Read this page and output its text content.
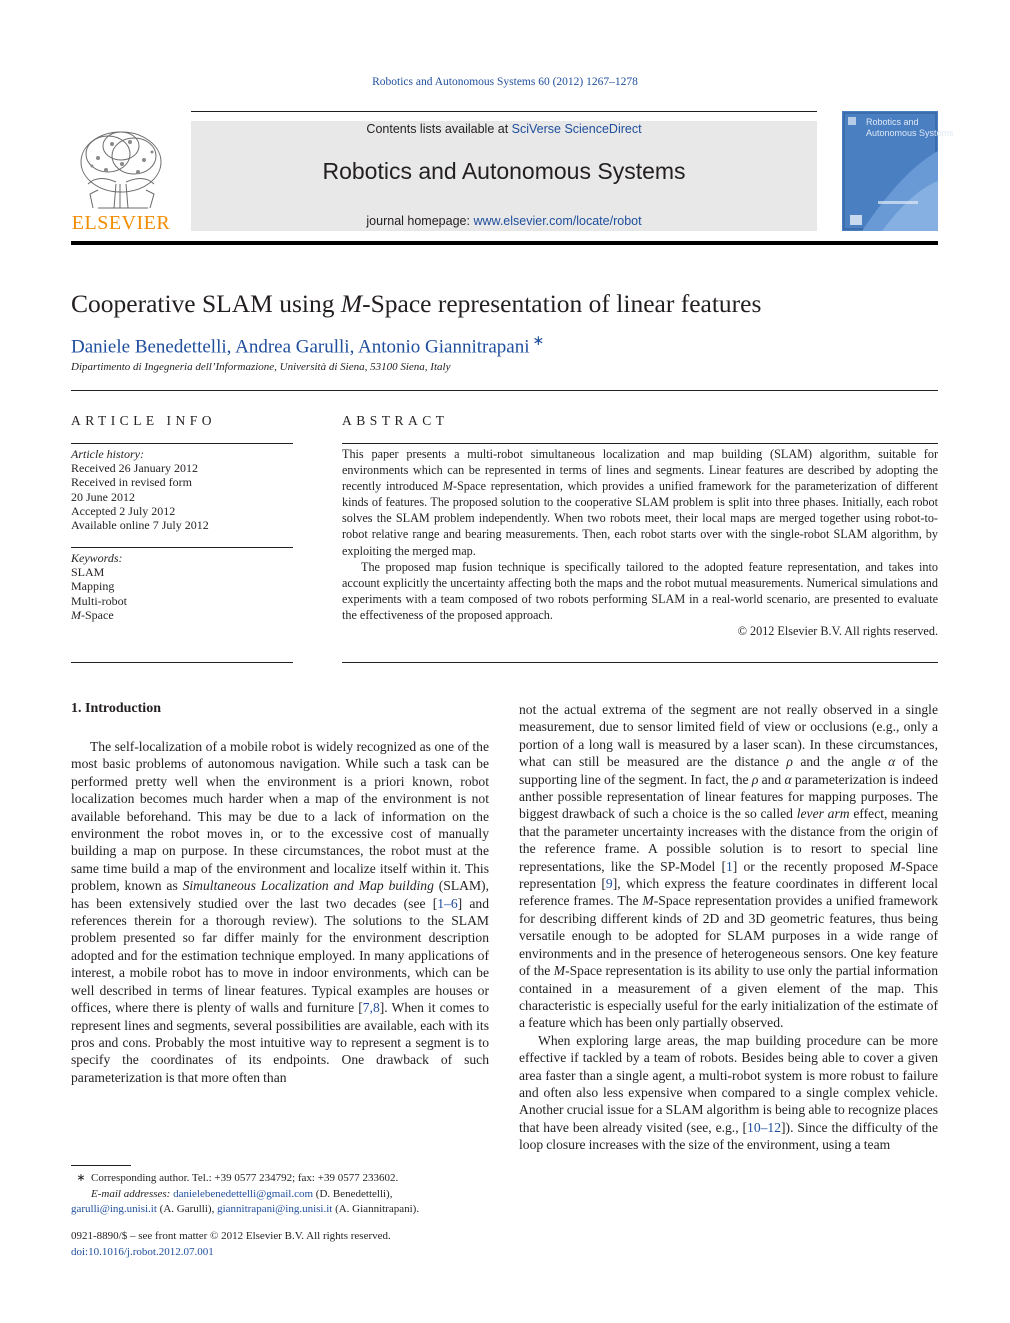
Robotics and Autonomous Systems 60 (2012) 1267–1278
ELSEVIER
Contents lists available at SciVerse ScienceDirect
Robotics and Autonomous Systems
journal homepage: www.elsevier.com/locate/robot
Robotics and
Autonomous Systems
Cooperative SLAM using M-Space representation of linear features
Daniele Benedettelli, Andrea Garulli, Antonio Giannitrapani ∗
Dipartimento di Ingegneria dell’Informazione, Università di Siena, 53100 Siena, Italy
ARTICLE INFO
Article history:
Received 26 January 2012
Received in revised form
20 June 2012
Accepted 2 July 2012
Available online 7 July 2012
Keywords:
SLAM
Mapping
Multi-robot
M-Space
ABSTRACT

This paper presents a multi-robot simultaneous localization and map building (SLAM) algorithm, suitable for environments which can be represented in terms of lines and segments. Linear features are described by adopting the recently introduced M-Space representation, which provides a unified framework for the parameterization of different kinds of features. The proposed solution to the cooperative SLAM problem is split into three phases. Initially, each robot solves the SLAM problem independently. When two robots meet, their local maps are merged together using robot-to-robot relative range and bearing measurements. Then, each robot starts over with the single-robot SLAM algorithm, by exploiting the merged map.

The proposed map fusion technique is specifically tailored to the adopted feature representation, and takes into account explicitly the uncertainty affecting both the maps and the robot mutual measurements. Numerical simulations and experiments with a team composed of two robots performing SLAM in a real-world scenario, are presented to evaluate the effectiveness of the proposed approach.

© 2012 Elsevier B.V. All rights reserved.
1. Introduction

The self-localization of a mobile robot is widely recognized as one of the most basic problems of autonomous navigation. While such a task can be performed pretty well when the environment is a priori known, robot localization becomes much harder when a map of the environment is not available beforehand. This may be due to a lack of information on the environment the robot moves in, or to the excessive cost of manually building a map on purpose. In these circumstances, the robot must at the same time build a map of the environment and localize itself within it. This problem, known as Simultaneous Localization and Map building (SLAM), has been extensively studied over the last two decades (see [1–6] and references therein for a thorough review). The solutions to the SLAM problem presented so far differ mainly for the environment description adopted and for the estimation technique employed. In many applications of interest, a mobile robot has to move in indoor environments, which can be well described in terms of linear features. Typical examples are houses or offices, where there is plenty of walls and furniture [7,8]. When it comes to represent lines and segments, several possibilities are available, each with its pros and cons. Probably the most intuitive way to represent a segment is to specify the coordinates of its endpoints. One drawback of such parameterization is that more often than

not the actual extrema of the segment are not really observed in a single measurement, due to sensor limited field of view or occlusions (e.g., only a portion of a long wall is measured by a laser scan). In these circumstances, what can still be measured are the distance ρ and the angle α of the supporting line of the segment. In fact, the ρ and α parameterization is indeed anther possible representation of linear features for mapping purposes. The biggest drawback of such a choice is the so called lever arm effect, meaning that the parameter uncertainty increases with the distance from the origin of the reference frame. A possible solution is to resort to special line representations, like the SP-Model [1] or the recently proposed M-Space representation [9], which express the feature coordinates in different local reference frames. The M-Space representation provides a unified framework for describing different kinds of 2D and 3D geometric features, thus being versatile enough to be adopted for SLAM purposes in a wide range of environments and in the presence of heterogeneous sensors. One key feature of the M-Space representation is its ability to use only the partial information contained in a measurement of a given element of the map. This characteristic is especially useful for the early initialization of the estimate of a feature which has been only partially observed.

When exploring large areas, the map building procedure can be more effective if tackled by a team of robots. Besides being able to cover a given area faster than a single agent, a multi-robot system is more robust to failure and often also less expensive when compared to a single complex vehicle. Another crucial issue for a SLAM algorithm is being able to recognize places that have been already visited (see, e.g., [10–12]). Since the difficulty of the loop closure increases with the size of the environment, using a team

∗ Corresponding author. Tel.: +39 0577 234792; fax: +39 0577 233602.
E-mail addresses: danielebenedettelli@gmail.com (D. Benedettelli),
garulli@ing.unisi.it (A. Garulli), giannitrapani@ing.unisi.it (A. Giannitrapani).
0921-8890/$ – see front matter © 2012 Elsevier B.V. All rights reserved.
doi:10.1016/j.robot.2012.07.001
